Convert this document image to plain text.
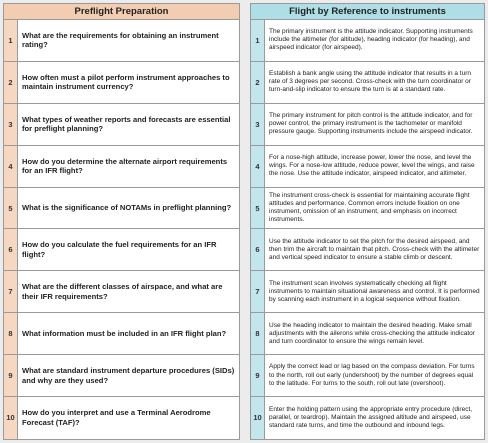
Preflight Preparation
1
What are the requirements for obtaining an instrument rating?
2
How often must a pilot perform instrument approaches to maintain instrument currency?
3
What types of weather reports and forecasts are essential for preflight planning?
4
How do you determine the alternate airport requirements for an IFR flight?
5	What is the significance of NOTAMs in preflight planning?
6
How do you calculate the fuel requirements for an IFR flight?
7
What are the different classes of airspace, and what are their IFR requirements?
8	What information must be included in an IFR flight plan?
9
What are standard instrument departure procedures (SIDs) and why are they used?
10
How do you interpret and use a Terminal Aerodrome Forecast (TAF)?
Flight by Reference to instruments
1
The primary instrument is the attitude indicator. Supporting instruments include the altimeter (for altitude), heading indicator (for heading), and airspeed indicator (for airspeed).
2
Establish a bank angle using the attitude indicator that results in a turn rate of 3 degrees per second. Cross-check with the turn coordinator or turn-and-slip indicator to ensure the turn is at a standard rate.
3
The primary instrument for pitch control is the attitude indicator, and for power control, the primary instrument is the tachometer or manifold pressure gauge. Supporting instruments include the airspeed indicator.
4
For a nose-high attitude, increase power, lower the nose, and level the wings. For a nose-low attitude, reduce power, level the wings, and raise the nose. Use the attitude indicator, airspeed indicator, and altimeter.
5
The instrument cross-check is essential for maintaining accurate flight attitudes and performance. Common errors include fixation on one instrument, omission of an instrument, and emphasis on incorrect instruments.
6
Use the attitude indicator to set the pitch for the desired airspeed, and then trim the aircraft to maintain that pitch. Cross-check with the altimeter and vertical speed indicator to ensure a stable climb or descent.
7
The instrument scan involves systematically checking all flight instruments to maintain situational awareness and control. It is performed by scanning each instrument in a logical sequence without fixation.
8
Use the heading indicator to maintain the desired heading. Make small adjustments with the ailerons while cross-checking the attitude indicator and turn coordinator to ensure the wings remain level.
9
Apply the correct lead or lag based on the compass deviation. For turns to the north, roll out early (undershoot) by the number of degrees equal to the latitude. For turns to the south, roll out late (overshoot).
10
Enter the holding pattern using the appropriate entry procedure (direct, parallel, or teardrop). Maintain the assigned altitude and airspeed, use standard rate turns, and time the outbound and inbound legs.
